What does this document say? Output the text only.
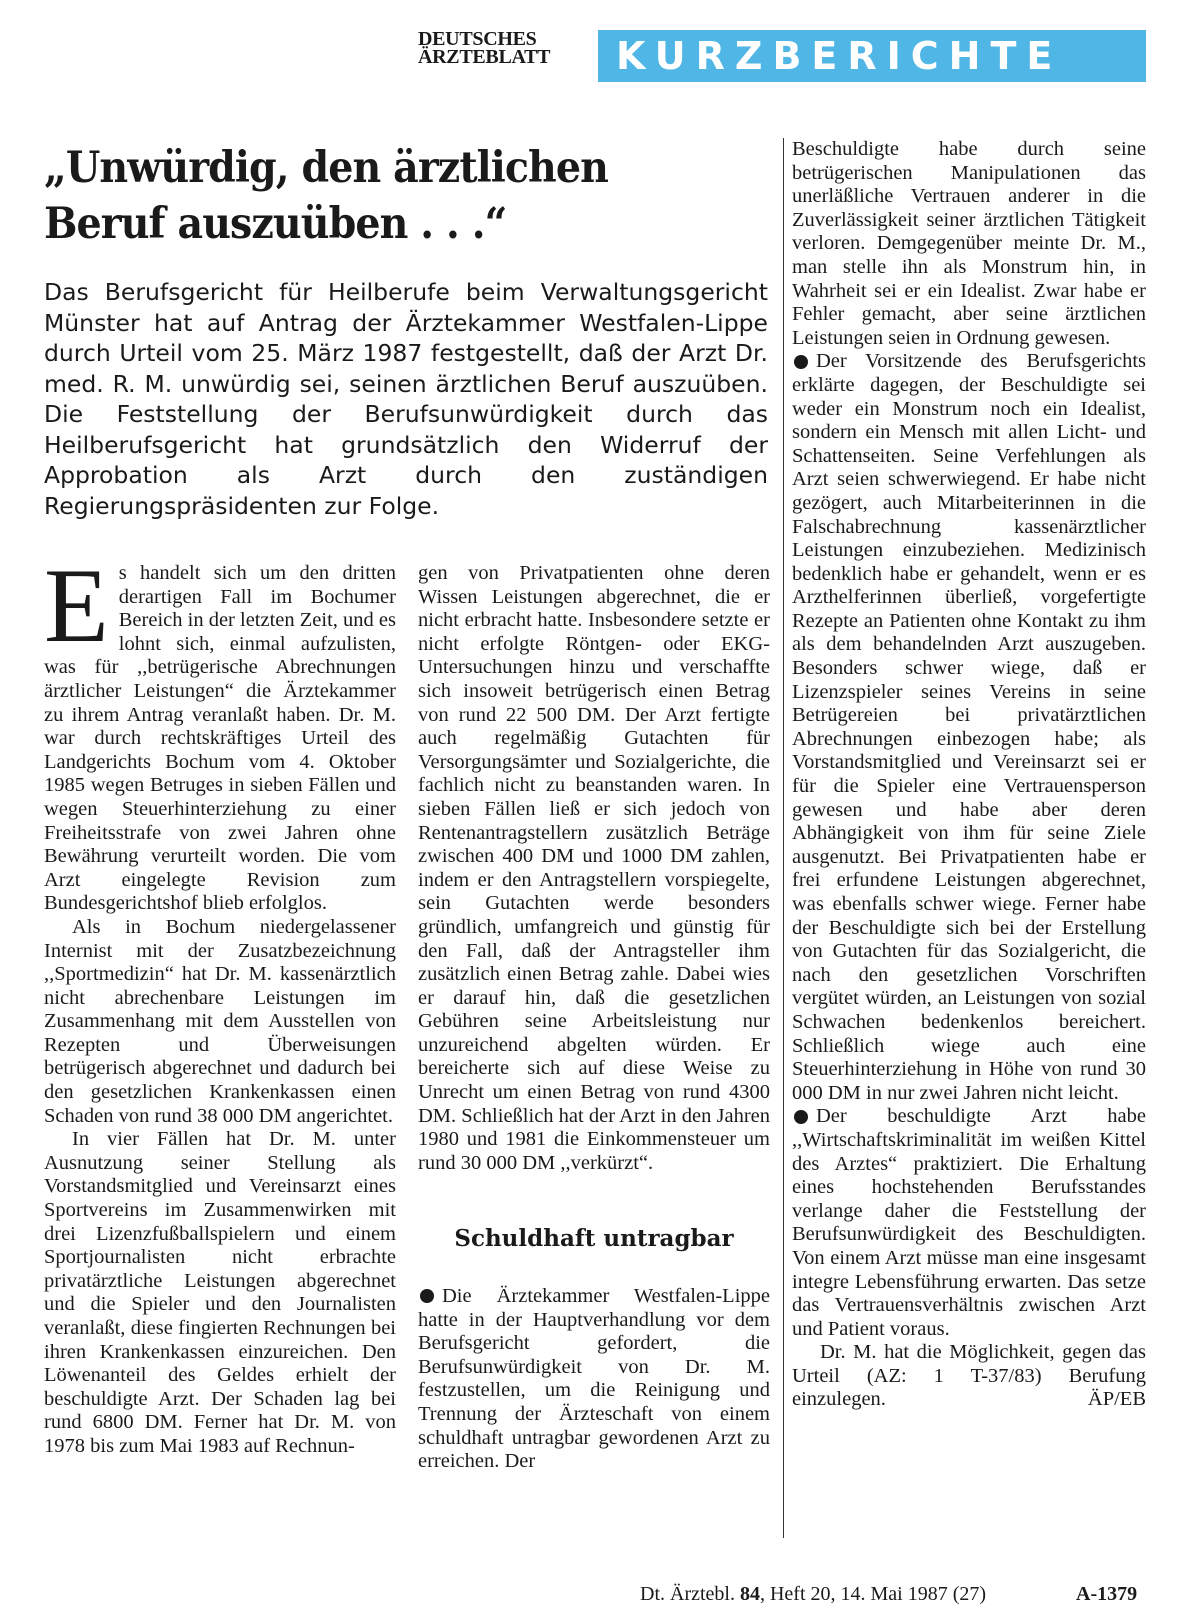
DEUTSCHES
ÄRZTEBLATT	KURZBERICHTE
„Unwürdig, den ärztlichen Beruf auszuüben . . .“
Das Berufsgericht für Heilberufe beim Verwaltungsgericht Münster hat auf Antrag der Ärztekammer Westfalen-Lippe durch Urteil vom 25. März 1987 festgestellt, daß der Arzt Dr. med. R. M. unwürdig sei, seinen ärztlichen Beruf auszuüben. Die Feststellung der Berufsunwürdigkeit durch das Heilberufsgericht hat grundsätzlich den Widerruf der Approbation als Arzt durch den zuständigen Regierungspräsidenten zur Folge.

E s handelt sich um den dritten derartigen Fall im Bochumer Bereich in der letzten Zeit, und es lohnt sich, einmal aufzulisten, was für ,,betrügerische Abrechnungen ärztlicher Leistungen“ die Ärztekammer zu ihrem Antrag veranlaßt haben. Dr. M. war durch rechtskräftiges Urteil des Landgerichts Bochum vom 4. Oktober 1985 wegen Betruges in sieben Fällen und wegen Steuerhinterziehung zu einer Freiheitsstrafe von zwei Jahren ohne Bewährung verurteilt worden. Die vom Arzt eingelegte Revision zum Bundesgerichtshof blieb erfolglos.

Als in Bochum niedergelassener Internist mit der Zusatzbezeichnung ,,Sportmedizin“ hat Dr. M. kassenärztlich nicht abrechenbare Leistungen im Zusammenhang mit dem Ausstellen von Rezepten und Überweisungen betrügerisch abgerechnet und dadurch bei den gesetzlichen Krankenkassen einen Schaden von rund 38 000 DM angerichtet.

In vier Fällen hat Dr. M. unter Ausnutzung seiner Stellung als Vorstandsmitglied und Vereinsarzt eines Sportvereins im Zusammenwirken mit drei Lizenzfußballspielern und einem Sportjournalisten nicht erbrachte privatärztliche Leistungen abgerechnet und die Spieler und den Journalisten veranlaßt, diese fingierten Rechnungen bei ihren Krankenkassen einzureichen. Den Löwenanteil des Geldes erhielt der beschuldigte Arzt. Der Schaden lag bei rund 6800 DM. Ferner hat Dr. M. von 1978 bis zum Mai 1983 auf Rechnun-

gen von Privatpatienten ohne deren Wissen Leistungen abgerechnet, die er nicht erbracht hatte. Insbesondere setzte er nicht erfolgte Röntgen- oder EKG-Untersuchungen hinzu und verschaffte sich insoweit betrügerisch einen Betrag von rund 22 500 DM. Der Arzt fertigte auch regelmäßig Gutachten für Versorgungsämter und Sozialgerichte, die fachlich nicht zu beanstanden waren. In sieben Fällen ließ er sich jedoch von Rentenantragstellern zusätzlich Beträge zwischen 400 DM und 1000 DM zahlen, indem er den Antragstellern vorspiegelte, sein Gutachten werde besonders gründlich, umfangreich und günstig für den Fall, daß der Antragsteller ihm zusätzlich einen Betrag zahle. Dabei wies er darauf hin, daß die gesetzlichen Gebühren seine Arbeitsleistung nur unzureichend abgelten würden. Er bereicherte sich auf diese Weise zu Unrecht um einen Betrag von rund 4300 DM. Schließlich hat der Arzt in den Jahren 1980 und 1981 die Einkommensteuer um rund 30 000 DM ,,verkürzt“.

Schuldhaft untragbar

Die Ärztekammer Westfalen-Lippe hatte in der Hauptverhandlung vor dem Berufsgericht gefordert, die Berufsunwürdigkeit von Dr. M. festzustellen, um die Reinigung und Trennung der Ärzteschaft von einem schuldhaft untragbar gewordenen Arzt zu erreichen. Der

Beschuldigte habe durch seine betrügerischen Manipulationen das unerläßliche Vertrauen anderer in die Zuverlässigkeit seiner ärztlichen Tätigkeit verloren. Demgegenüber meinte Dr. M., man stelle ihn als Monstrum hin, in Wahrheit sei er ein Idealist. Zwar habe er Fehler gemacht, aber seine ärztlichen Leistungen seien in Ordnung gewesen.

Der Vorsitzende des Berufsgerichts erklärte dagegen, der Beschuldigte sei weder ein Monstrum noch ein Idealist, sondern ein Mensch mit allen Licht- und Schattenseiten. Seine Verfehlungen als Arzt seien schwerwiegend. Er habe nicht gezögert, auch Mitarbeiterinnen in die Falschabrechnung kassenärztlicher Leistungen einzubeziehen. Medizinisch bedenklich habe er gehandelt, wenn er es Arzthelferinnen überließ, vorgefertigte Rezepte an Patienten ohne Kontakt zu ihm als dem behandelnden Arzt auszugeben. Besonders schwer wiege, daß er Lizenzspieler seines Vereins in seine Betrügereien bei privatärztlichen Abrechnungen einbezogen habe; als Vorstandsmitglied und Vereinsarzt sei er für die Spieler eine Vertrauensperson gewesen und habe aber deren Abhängigkeit von ihm für seine Ziele ausgenutzt. Bei Privatpatienten habe er frei erfundene Leistungen abgerechnet, was ebenfalls schwer wiege. Ferner habe der Beschuldigte sich bei der Erstellung von Gutachten für das Sozialgericht, die nach den gesetzlichen Vorschriften vergütet würden, an Leistungen von sozial Schwachen bedenkenlos bereichert. Schließlich wiege auch eine Steuerhinterziehung in Höhe von rund 30 000 DM in nur zwei Jahren nicht leicht.

Der beschuldigte Arzt habe ,,Wirtschaftskriminalität im weißen Kittel des Arztes“ praktiziert. Die Erhaltung eines hochstehenden Berufsstandes verlange daher die Feststellung der Berufsunwürdigkeit des Beschuldigten. Von einem Arzt müsse man eine insgesamt integre Lebensführung erwarten. Das setze das Vertrauensverhältnis zwischen Arzt und Patient voraus.

Dr. M. hat die Möglichkeit, gegen das Urteil (AZ: 1 T-37/83) Berufung einzulegen.	ÄP/EB

Dt. Ärztebl. 84, Heft 20, 14. Mai 1987 (27)	A-1379
